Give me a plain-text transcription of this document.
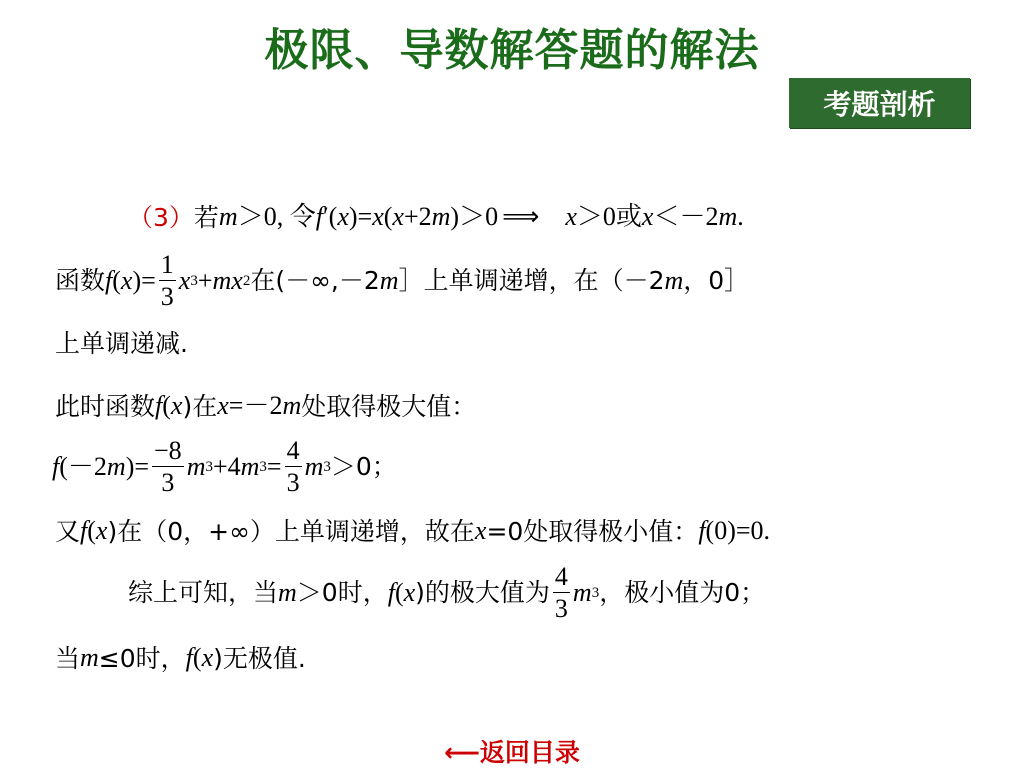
极限、导数解答题的解法
考题剖析
（3） 若 m ＞0, 令 f ′( x )= x ( x +2 m )＞0 ⟹ x ＞0或 x ＜－2 m .
函数 f ( x )= $\frac{1}{3}$ x 3 + m x 2 在(－∞,－2 m ］上单调递增，在（－2 m ，0］
上单调递减.
此时函数 f ( x )在 x =－2 m 处取得极大值：
f (－2 m )= $\frac{-8}{3}$ m 3 +4 m $3 = \frac{4}{3}$ m 3 ＞0；
又 f ( x )在（0，+∞）上单调递增，故在 x =0处取得极小值： f (0)=0.
综上可知，当 m ＞0时， f ( x )的极大值为 $\frac{4}{3}$ m 3 ，极小值为0；
当 m ≤0时， f ( x )无极值.
⟵返回目录
